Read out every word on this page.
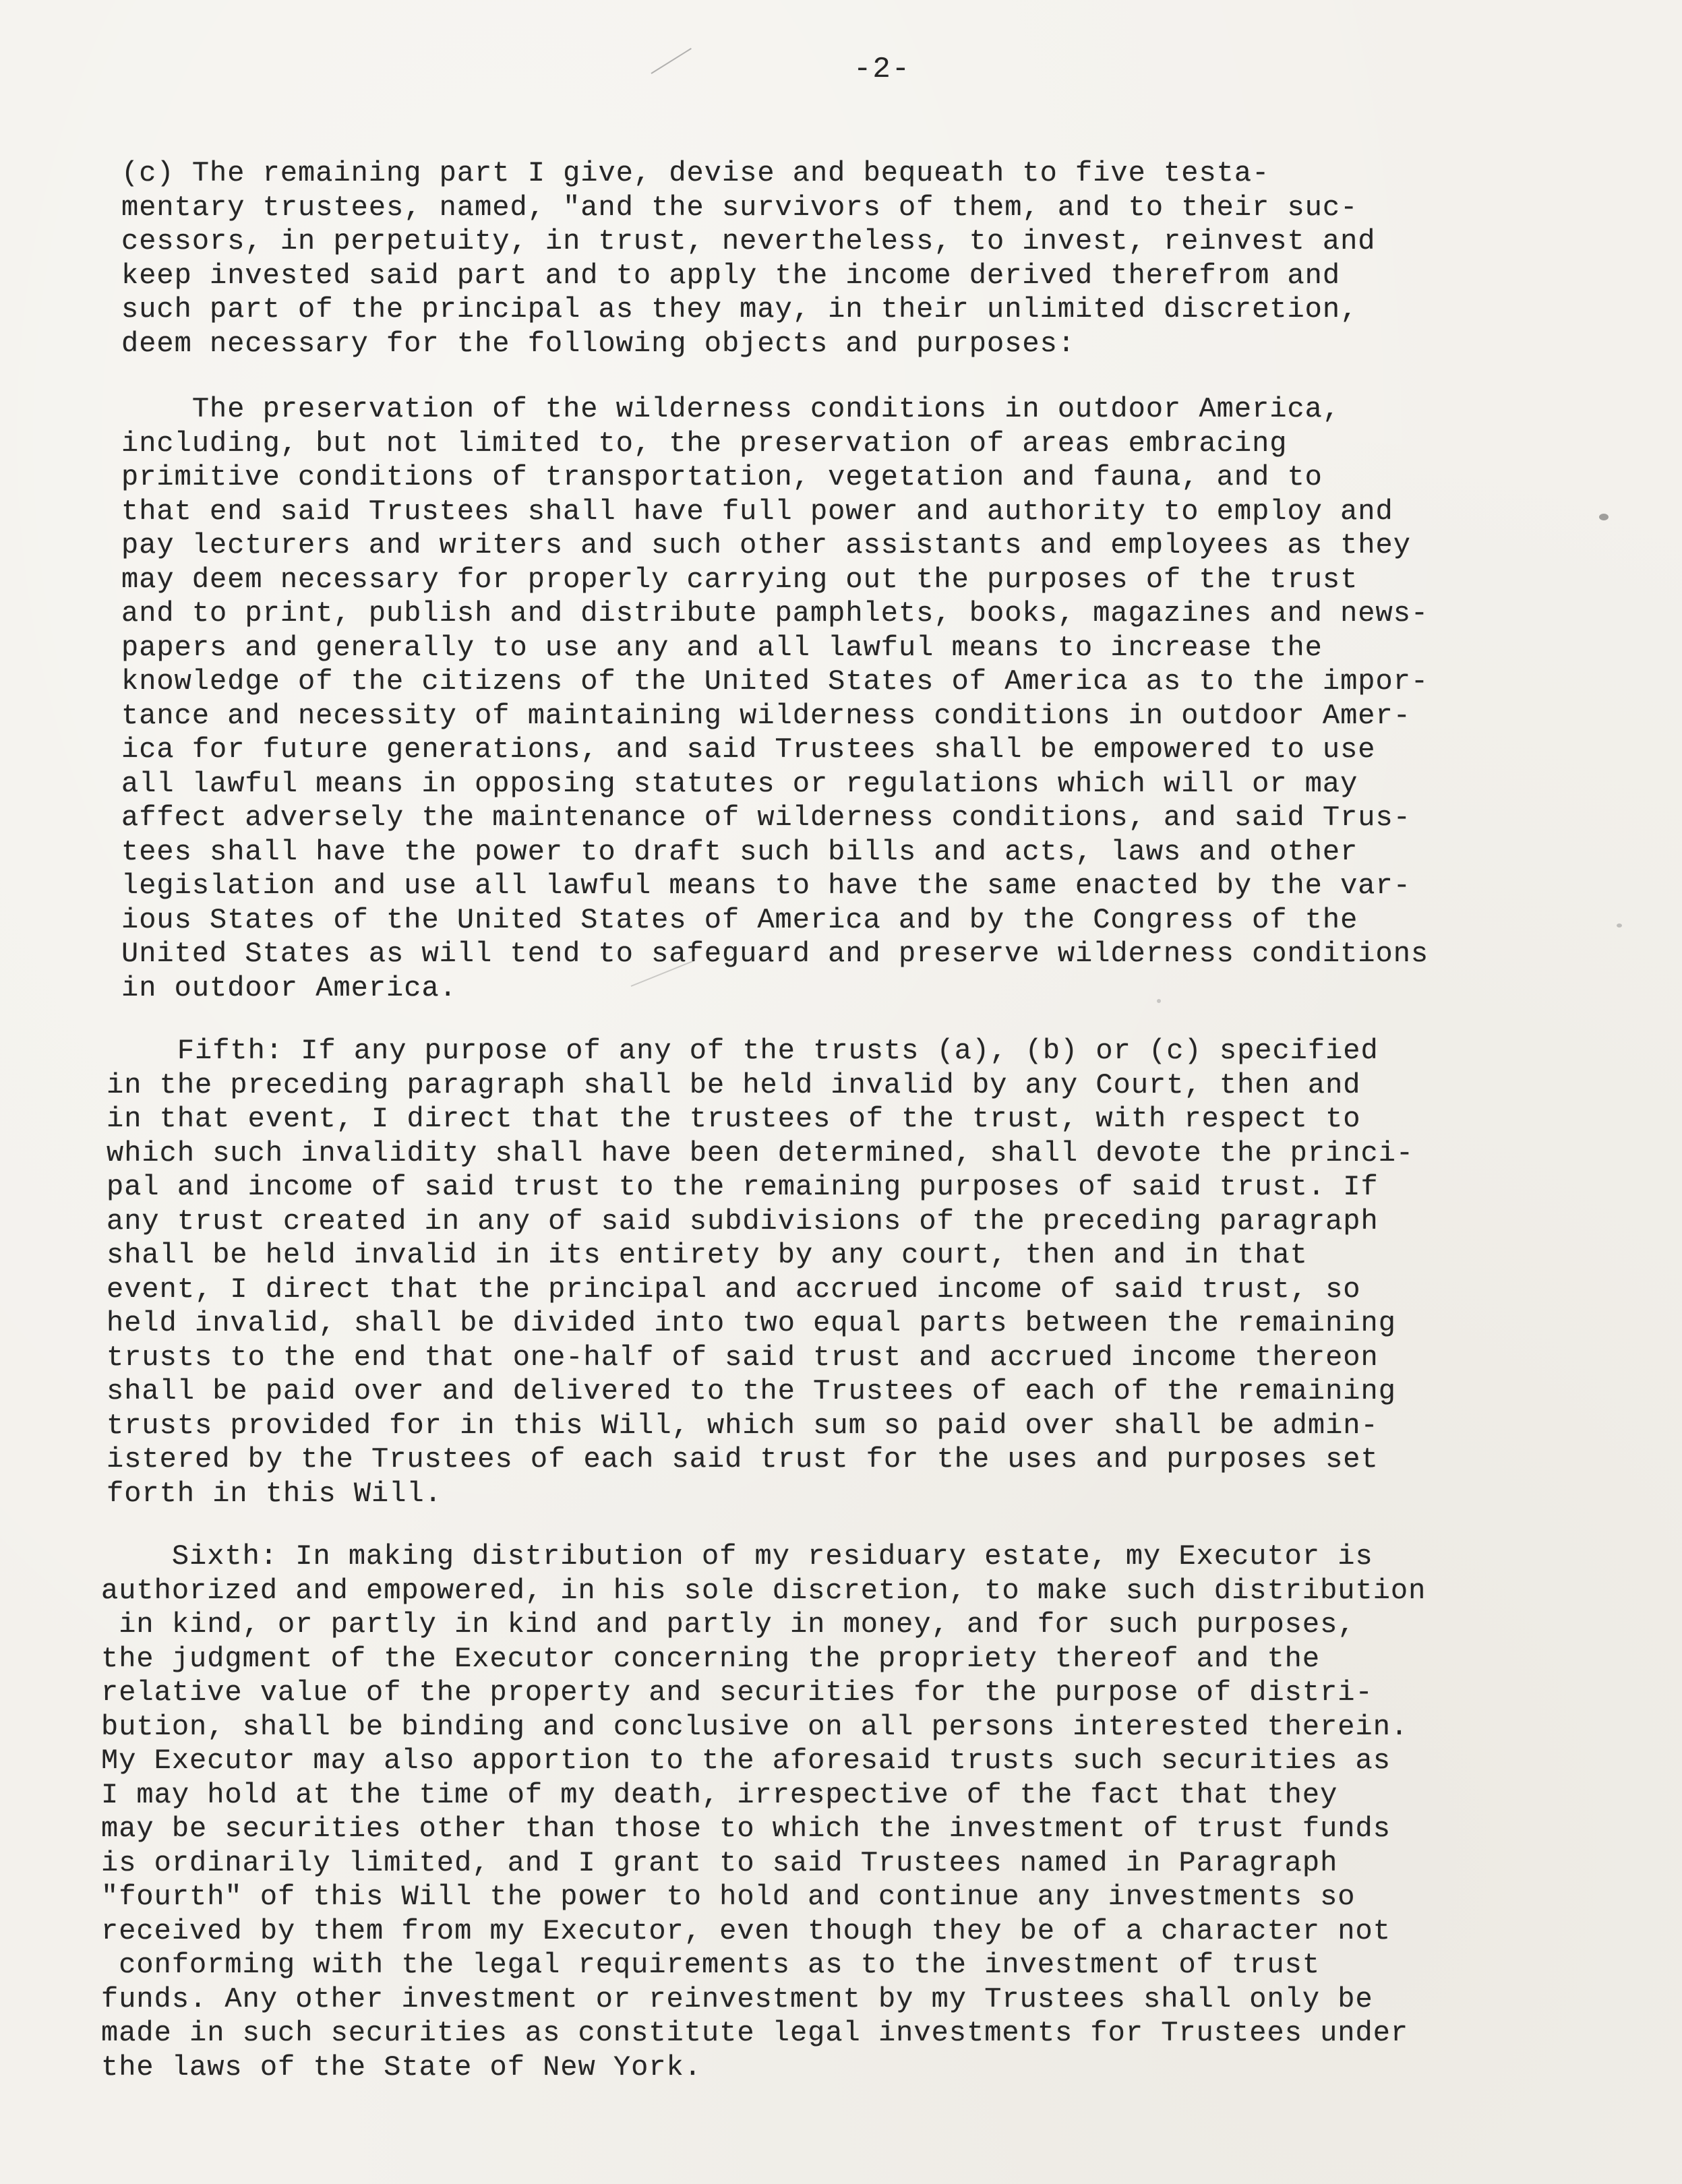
-2-
(c) The remaining part I give, devise and bequeath to five testa-
mentary trustees, named, "and the survivors of them, and to their suc-
cessors, in perpetuity, in trust, nevertheless, to invest, reinvest and
keep invested said part and to apply the income derived therefrom and
such part of the principal as they may, in their unlimited discretion,
deem necessary for the following objects and purposes:
The preservation of the wilderness conditions in outdoor America,
including, but not limited to, the preservation of areas embracing
primitive conditions of transportation, vegetation and fauna, and to
that end said Trustees shall have full power and authority to employ and
pay lecturers and writers and such other assistants and employees as they
may deem necessary for properly carrying out the purposes of the trust
and to print, publish and distribute pamphlets, books, magazines and news-
papers and generally to use any and all lawful means to increase the
knowledge of the citizens of the United States of America as to the impor-
tance and necessity of maintaining wilderness conditions in outdoor Amer-
ica for future generations, and said Trustees shall be empowered to use
all lawful means in opposing statutes or regulations which will or may
affect adversely the maintenance of wilderness conditions, and said Trus-
tees shall have the power to draft such bills and acts, laws and other
legislation and use all lawful means to have the same enacted by the var-
ious States of the United States of America and by the Congress of the
United States as will tend to safeguard and preserve wilderness conditions
in outdoor America.
Fifth: If any purpose of any of the trusts (a), (b) or (c) specified
in the preceding paragraph shall be held invalid by any Court, then and
in that event, I direct that the trustees of the trust, with respect to
which such invalidity shall have been determined, shall devote the princi-
pal and income of said trust to the remaining purposes of said trust. If
any trust created in any of said subdivisions of the preceding paragraph
shall be held invalid in its entirety by any court, then and in that
event, I direct that the principal and accrued income of said trust, so
held invalid, shall be divided into two equal parts between the remaining
trusts to the end that one-half of said trust and accrued income thereon
shall be paid over and delivered to the Trustees of each of the remaining
trusts provided for in this Will, which sum so paid over shall be admin-
istered by the Trustees of each said trust for the uses and purposes set
forth in this Will.
Sixth: In making distribution of my residuary estate, my Executor is
authorized and empowered, in his sole discretion, to make such distribution
in kind, or partly in kind and partly in money, and for such purposes,
the judgment of the Executor concerning the propriety thereof and the
relative value of the property and securities for the purpose of distri-
bution, shall be binding and conclusive on all persons interested therein.
My Executor may also apportion to the aforesaid trusts such securities as
I may hold at the time of my death, irrespective of the fact that they
may be securities other than those to which the investment of trust funds
is ordinarily limited, and I grant to said Trustees named in Paragraph
"fourth" of this Will the power to hold and continue any investments so
received by them from my Executor, even though they be of a character not
conforming with the legal requirements as to the investment of trust
funds. Any other investment or reinvestment by my Trustees shall only be
made in such securities as constitute legal investments for Trustees under
the laws of the State of New York.
